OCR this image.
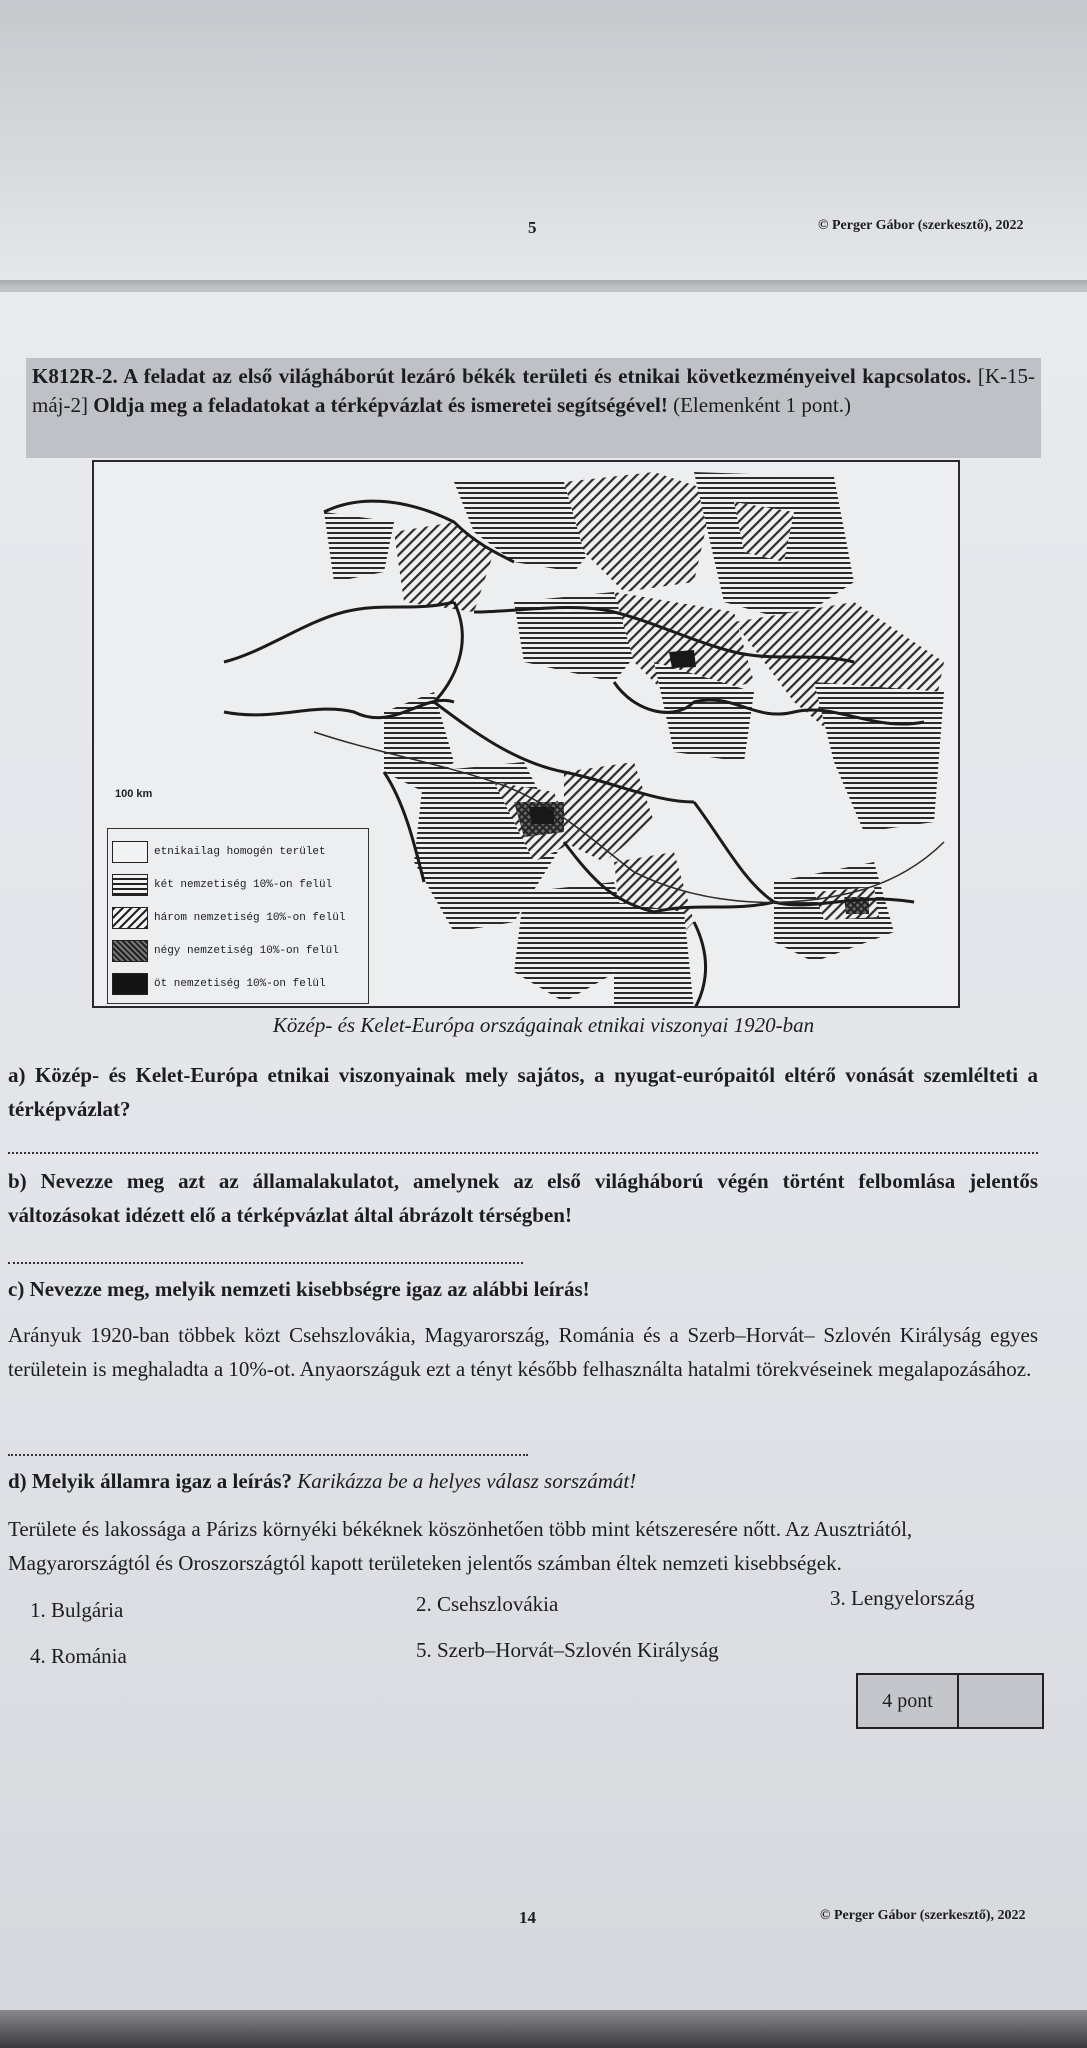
5	© Perger Gábor (szerkesztő), 2022
K812R-2. A feladat az első világháborút lezáró békék területi és etnikai következményeivel kapcsolatos. [K-15-máj-2] Oldja meg a feladatokat a térképvázlat és ismeretei segítségével! (Elemenként 1 pont.)
100 km
etnikailag homogén terület
két nemzetiség 10%-on felül
három nemzetiség 10%-on felül
négy nemzetiség 10%-on felül
öt nemzetiség 10%-on felül
Közép- és Kelet-Európa országainak etnikai viszonyai 1920-ban
a) Közép- és Kelet-Európa etnikai viszonyainak mely sajátos, a nyugat-európaitól eltérő vonását szemlélteti a térképvázlat?
b) Nevezze meg azt az államalakulatot, amelynek az első világháború végén történt felbomlása jelentős változásokat idézett elő a térképvázlat által ábrázolt térségben!
c) Nevezze meg, melyik nemzeti kisebbségre igaz az alábbi leírás!
Arányuk 1920-ban többek közt Csehszlovákia, Magyarország, Románia és a Szerb–Horvát– Szlovén Királyság egyes területein is meghaladta a 10%-ot. Anyaországuk ezt a tényt később felhasználta hatalmi törekvéseinek megalapozásához.
d) Melyik államra igaz a leírás? Karikázza be a helyes válasz sorszámát!
Területe és lakossága a Párizs környéki békéknek köszönhetően több mint kétszeresére nőtt. Az Ausztriától, Magyarországtól és Oroszországtól kapott területeken jelentős számban éltek nemzeti kisebbségek.
1. Bulgária	2. Csehszlovákia	3. Lengyelország
4. Románia	5. Szerb–Horvát–Szlovén Királyság
4 pont
14	© Perger Gábor (szerkesztő), 2022
